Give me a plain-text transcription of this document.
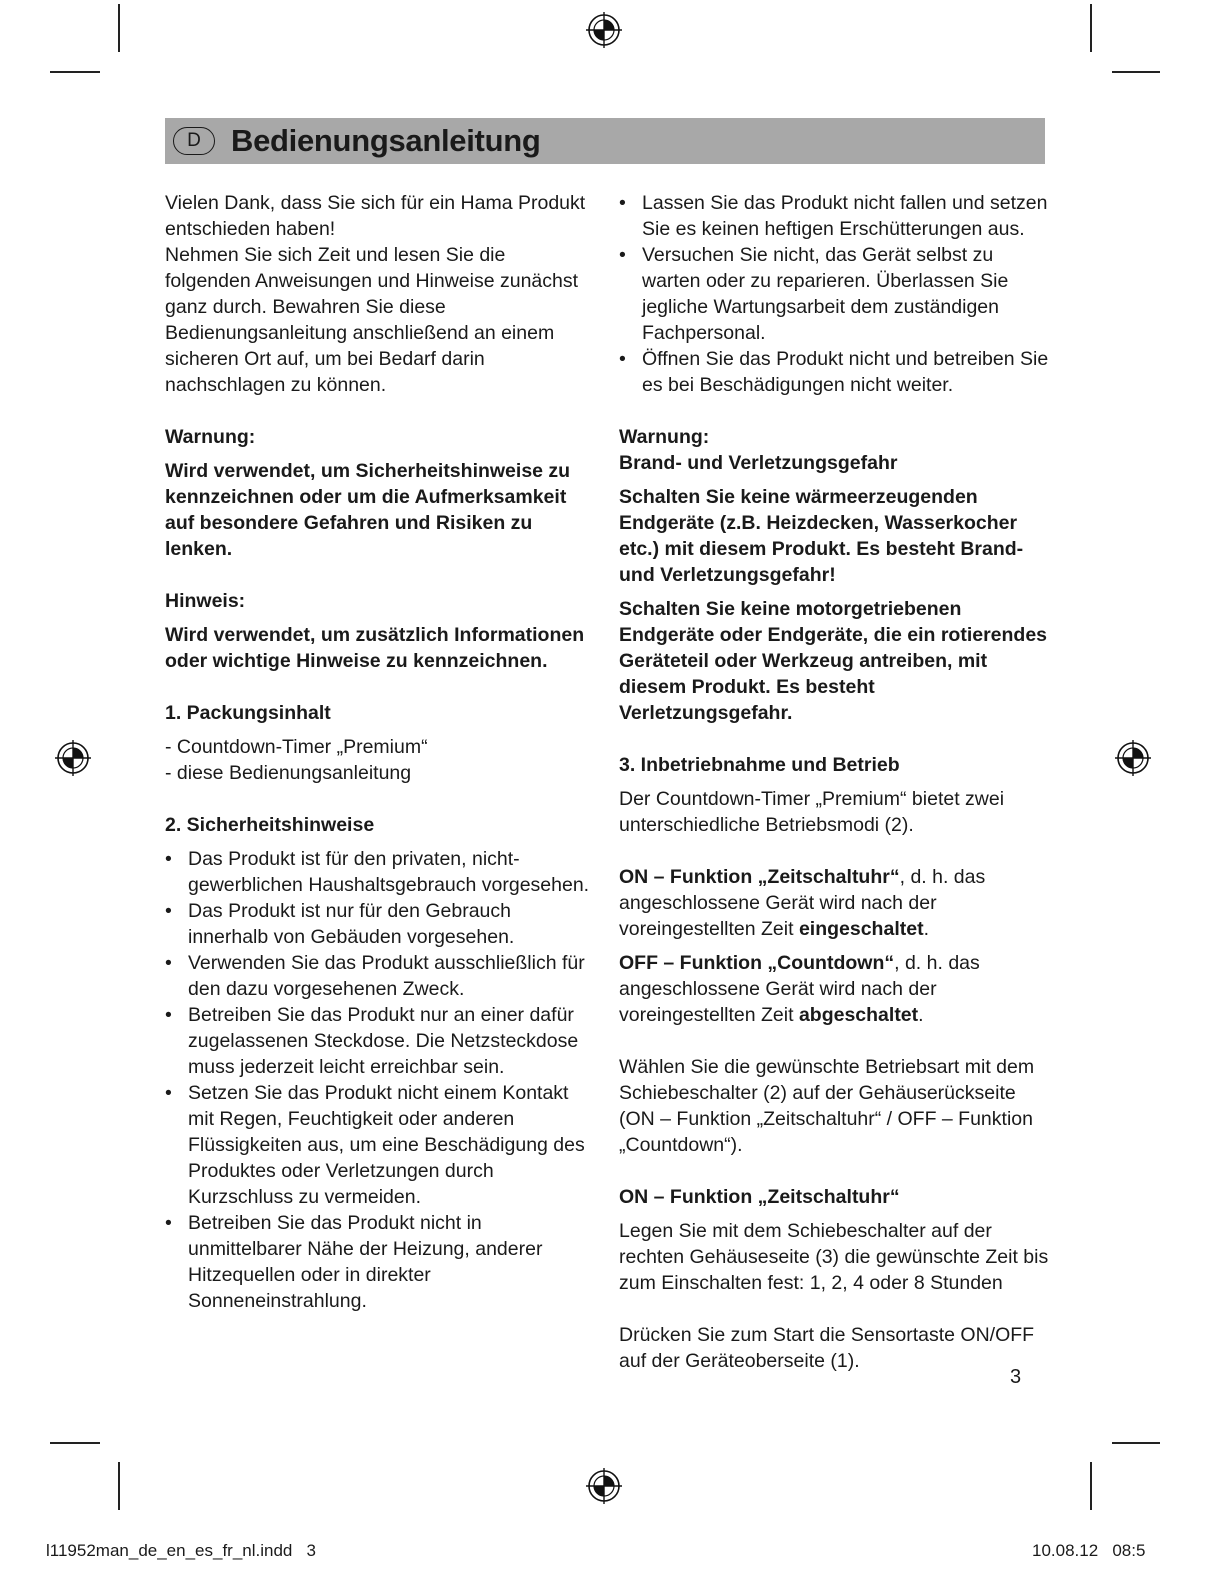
D Bedienungsanleitung

Vielen Dank, dass Sie sich für ein Hama Produkt entschieden haben!

Nehmen Sie sich Zeit und lesen Sie die folgenden Anweisungen und Hinweise zunächst ganz durch. Bewahren Sie diese Bedienungsanleitung anschließend an einem sicheren Ort auf, um bei Bedarf darin nachschlagen zu können.

Warnung:

Wird verwendet, um Sicherheitshinweise zu kennzeichnen oder um die Aufmerksamkeit auf besondere Gefahren und Risiken zu lenken.

Hinweis:

Wird verwendet, um zusätzlich Informationen oder wichtige Hinweise zu kennzeichnen.

1. Packungsinhalt

- Countdown-Timer „Premium“

- diese Bedienungsanleitung

2. Sicherheitshinweise

• Das Produkt ist für den privaten, nicht-gewerblichen Haushaltsgebrauch vorgesehen.
• Das Produkt ist nur für den Gebrauch innerhalb von Gebäuden vorgesehen.
• Verwenden Sie das Produkt ausschließlich für den dazu vorgesehenen Zweck.
• Betreiben Sie das Produkt nur an einer dafür zugelassenen Steckdose. Die Netzsteckdose muss jederzeit leicht erreichbar sein.
• Setzen Sie das Produkt nicht einem Kontakt mit Regen, Feuchtigkeit oder anderen Flüssigkeiten aus, um eine Beschädigung des Produktes oder Verletzungen durch Kurzschluss zu vermeiden.
• Betreiben Sie das Produkt nicht in unmittelbarer Nähe der Heizung, anderer Hitzequellen oder in direkter Sonneneinstrahlung.
• Lassen Sie das Produkt nicht fallen und setzen Sie es keinen heftigen Erschütterungen aus.
• Versuchen Sie nicht, das Gerät selbst zu warten oder zu reparieren. Überlassen Sie jegliche Wartungsarbeit dem zuständigen Fachpersonal.
• Öffnen Sie das Produkt nicht und betreiben Sie es bei Beschädigungen nicht weiter.

Warnung:

Brand- und Verletzungsgefahr

Schalten Sie keine wärmeerzeugenden Endgeräte (z.B. Heizdecken, Wasserkocher etc.) mit diesem Produkt. Es besteht Brand- und Verletzungsgefahr!

Schalten Sie keine motorgetriebenen Endgeräte oder Endgeräte, die ein rotierendes Geräteteil oder Werkzeug antreiben, mit diesem Produkt. Es besteht Verletzungsgefahr.

3. Inbetriebnahme und Betrieb

Der Countdown-Timer „Premium“ bietet zwei unterschiedliche Betriebsmodi (2).

ON – Funktion „Zeitschaltuhr“, d. h. das angeschlossene Gerät wird nach der voreingestellten Zeit eingeschaltet.

OFF – Funktion „Countdown“, d. h. das angeschlossene Gerät wird nach der voreingestellten Zeit abgeschaltet.

Wählen Sie die gewünschte Betriebsart mit dem Schiebeschalter (2) auf der Gehäuserückseite (ON – Funktion „Zeitschaltuhr“ / OFF – Funktion „Countdown“).

ON – Funktion „Zeitschaltuhr“

Legen Sie mit dem Schiebeschalter auf der rechten Gehäuseseite (3) die gewünschte Zeit bis zum Einschalten fest: 1, 2, 4 oder 8 Stunden

Drücken Sie zum Start die Sensortaste ON/OFF auf der Geräteoberseite (1).

3
l11952man_de_en_es_fr_nl.indd   3	10.08.12   08:5
